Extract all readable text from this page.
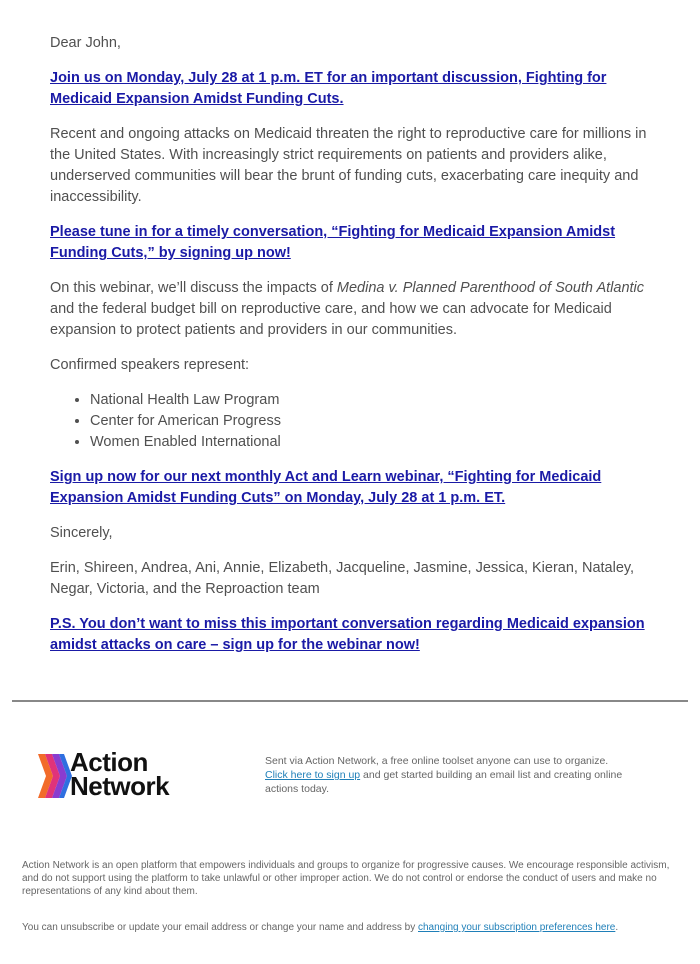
Dear John,

Join us on Monday, July 28 at 1 p.m. ET for an important discussion, Fighting for Medicaid Expansion Amidst Funding Cuts.

Recent and ongoing attacks on Medicaid threaten the right to reproductive care for millions in the United States. With increasingly strict requirements on patients and providers alike, underserved communities will bear the brunt of funding cuts, exacerbating care inequity and inaccessibility.

Please tune in for a timely conversation, “Fighting for Medicaid Expansion Amidst Funding Cuts,” by signing up now!

On this webinar, we’ll discuss the impacts of Medina v. Planned Parenthood of South Atlantic and the federal budget bill on reproductive care, and how we can advocate for Medicaid expansion to protect patients and providers in our communities.

Confirmed speakers represent:

• National Health Law Program
• Center for American Progress
• Women Enabled International
Sign up now for our next monthly Act and Learn webinar, “Fighting for Medicaid Expansion Amidst Funding Cuts” on Monday, July 28 at 1 p.m. ET.

Sincerely,

Erin, Shireen, Andrea, Ani, Annie, Elizabeth, Jacqueline, Jasmine, Jessica, Kieran, Nataley, Negar, Victoria, and the Reproaction team

P.S. You don’t want to miss this important conversation regarding Medicaid expansion amidst attacks on care – sign up for the webinar now!
Action
Network
Sent via Action Network, a free online toolset anyone can use to organize.
Click here to sign up and get started building an email list and creating online actions today.

Action Network is an open platform that empowers individuals and groups to organize for progressive causes. We encourage responsible activism, and do not support using the platform to take unlawful or other improper action. We do not control or endorse the conduct of users and make no representations of any kind about them.

You can unsubscribe or update your email address or change your name and address by changing your subscription preferences here.
